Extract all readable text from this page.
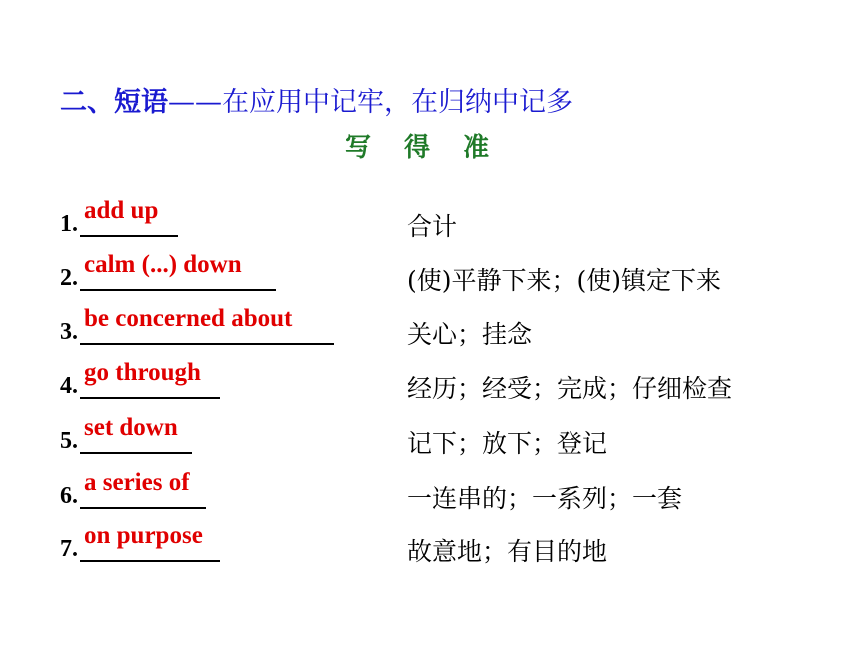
二、短语——在应用中记牢，在归纳中记多
写 得 准
1. add up
合计
2. calm (...) down
(使)平静下来；(使)镇定下来
3. be concerned about
关心；挂念
4. go through
经历；经受；完成；仔细检查
5. set down
记下；放下；登记
6. a series of
一连串的；一系列；一套
7. on purpose
故意地；有目的地
